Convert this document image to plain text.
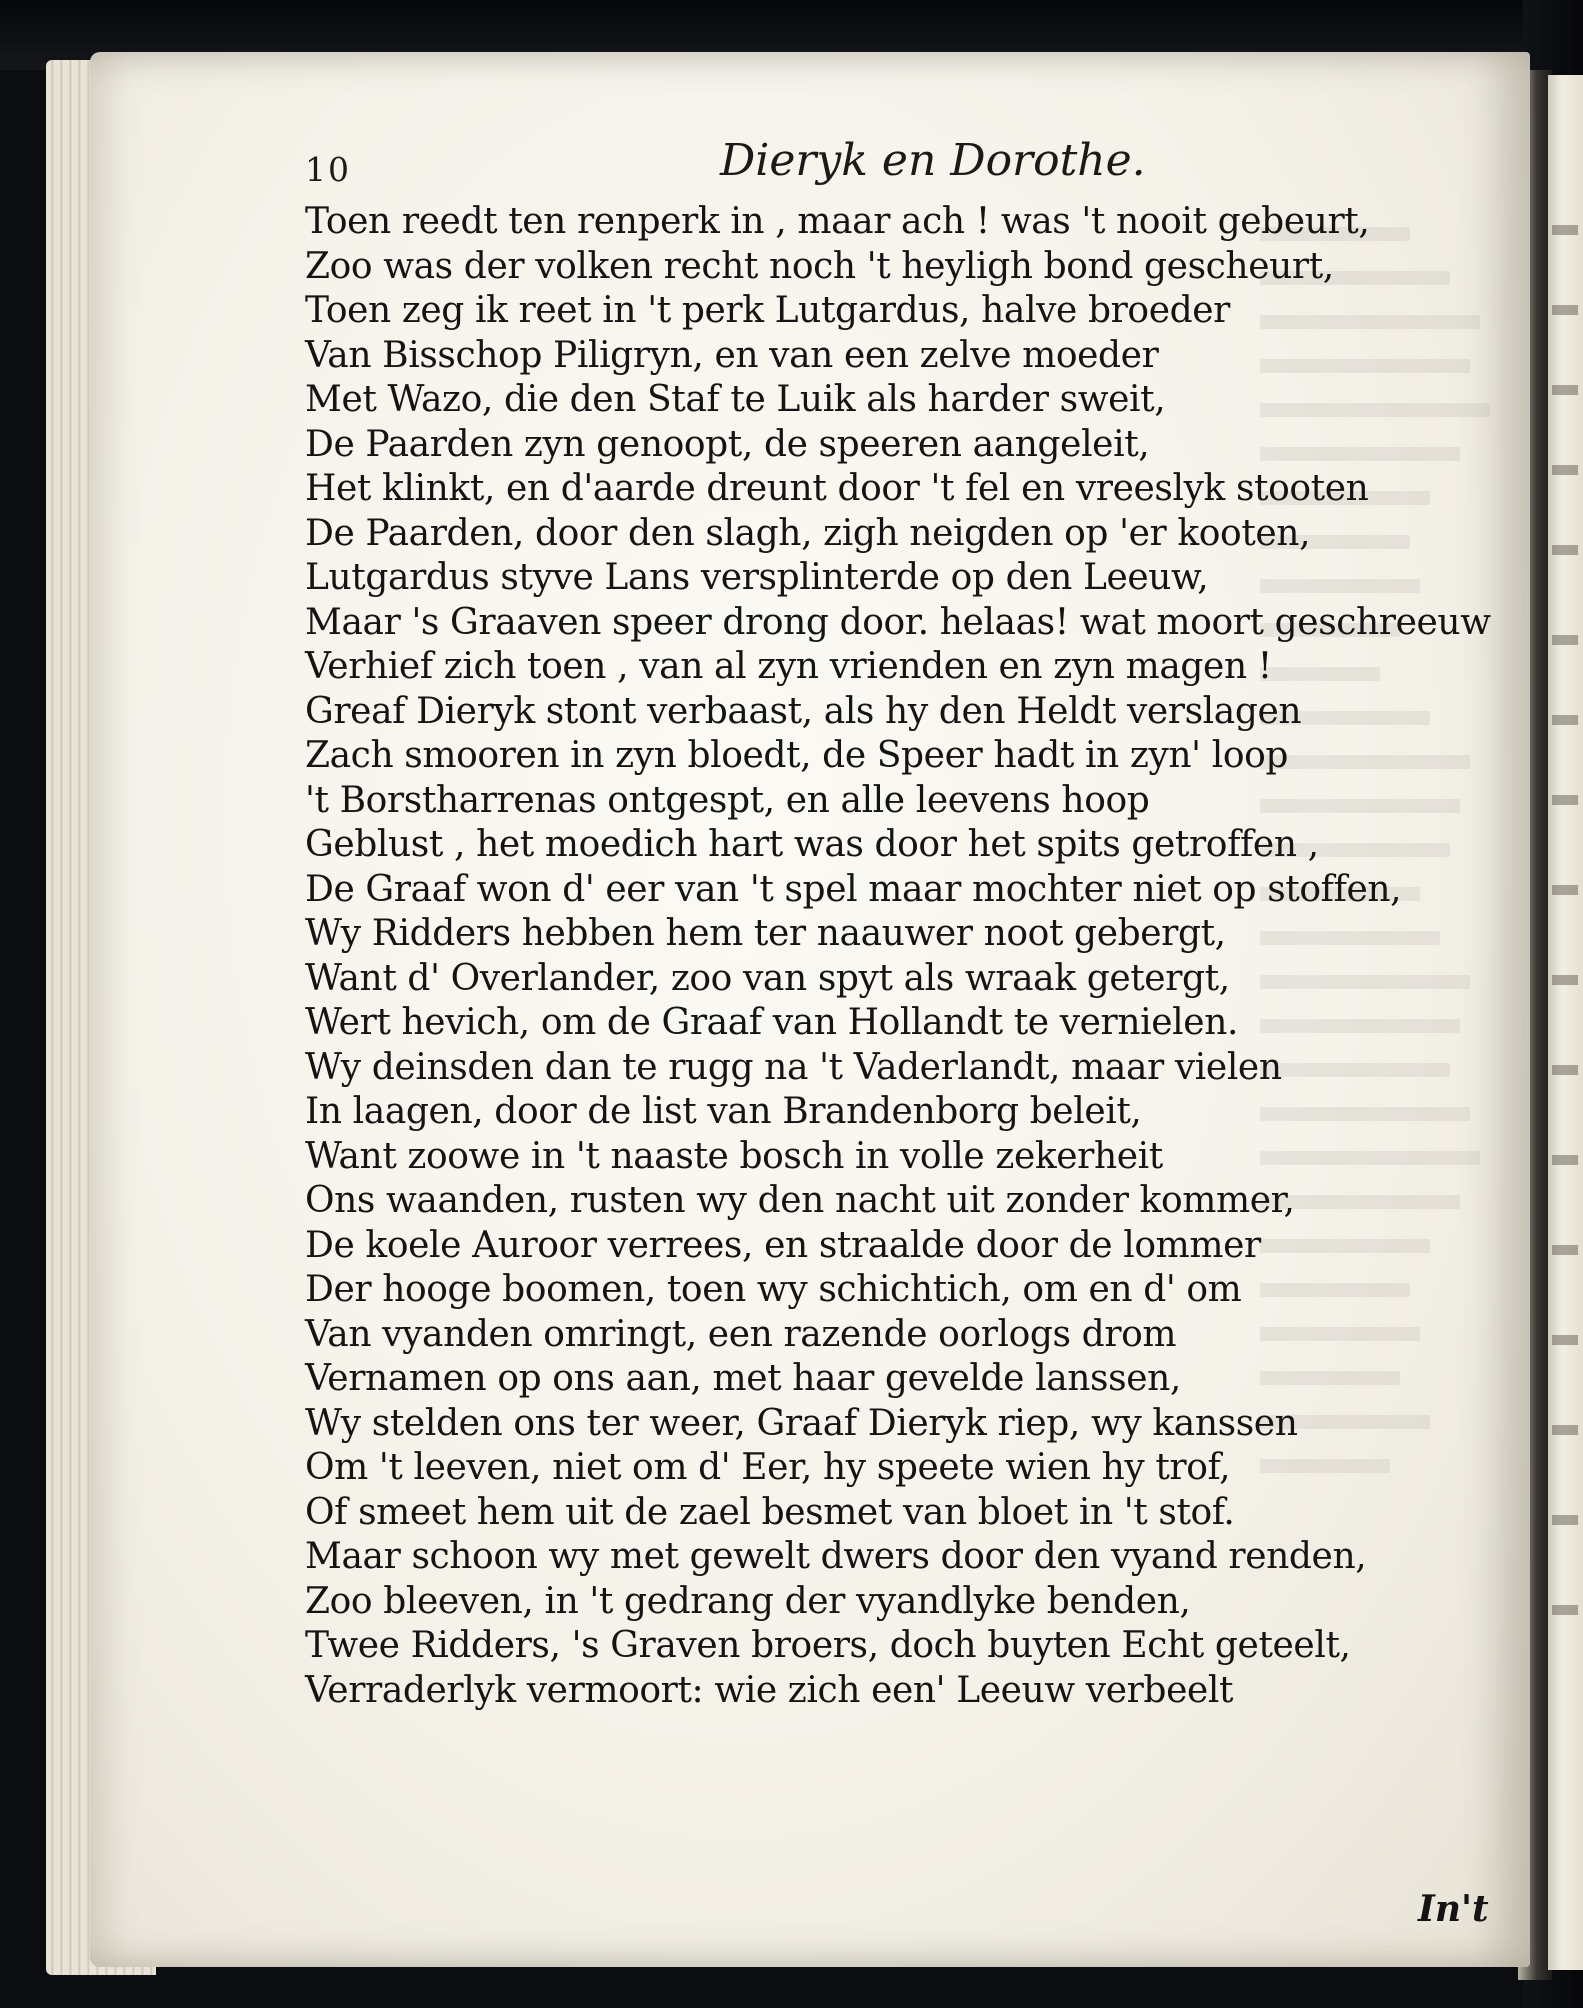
10	Dieryk en Dorothe.
Toen reedt ten renperk in , maar ach ! was 't nooit gebeurt,
Zoo was der volken recht noch 't heyligh bond gescheurt,
Toen zeg ik reet in 't perk Lutgardus, halve broeder
Van Bisschop Piligryn, en van een zelve moeder
Met Wazo, die den Staf te Luik als harder sweit,
De Paarden zyn genoopt, de speeren aangeleit,
Het klinkt, en d'aarde dreunt door 't fel en vreeslyk stooten
De Paarden, door den slagh, zigh neigden op 'er kooten,
Lutgardus styve Lans versplinterde op den Leeuw,
Maar 's Graaven speer drong door. helaas! wat moort geschreeuw
Verhief zich toen , van al zyn vrienden en zyn magen !
Greaf Dieryk stont verbaast, als hy den Heldt verslagen
Zach smooren in zyn bloedt, de Speer hadt in zyn' loop
't Borstharrenas ontgespt, en alle leevens hoop
Geblust , het moedich hart was door het spits getroffen ,
De Graaf won d' eer van 't spel maar mochter niet op stoffen,
Wy Ridders hebben hem ter naauwer noot gebergt,
Want d' Overlander, zoo van spyt als wraak getergt,
Wert hevich, om de Graaf van Hollandt te vernielen.
Wy deinsden dan te rugg na 't Vaderlandt, maar vielen
In laagen, door de list van Brandenborg beleit,
Want zoowe in 't naaste bosch in volle zekerheit
Ons waanden, rusten wy den nacht uit zonder kommer,
De koele Auroor verrees, en straalde door de lommer
Der hooge boomen, toen wy schichtich, om en d' om
Van vyanden omringt, een razende oorlogs drom
Vernamen op ons aan, met haar gevelde lanssen,
Wy stelden ons ter weer, Graaf Dieryk riep, wy kanssen
Om 't leeven, niet om d' Eer, hy speete wien hy trof,
Of smeet hem uit de zael besmet van bloet in 't stof.
Maar schoon wy met gewelt dwers door den vyand renden,
Zoo bleeven, in 't gedrang der vyandlyke benden,
Twee Ridders, 's Graven broers, doch buyten Echt geteelt,
Verraderlyk vermoort: wie zich een' Leeuw verbeelt
In't
